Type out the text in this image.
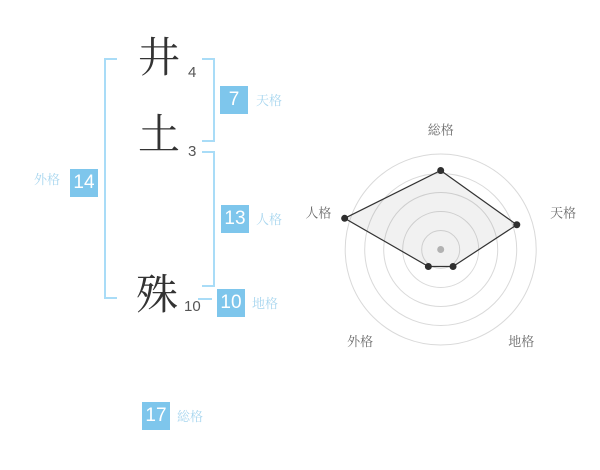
井 4
土 3
殊 10
7	天格
13 人格
10 地格
外格 14
17 総格
総格
天格
地格
外格
人格
